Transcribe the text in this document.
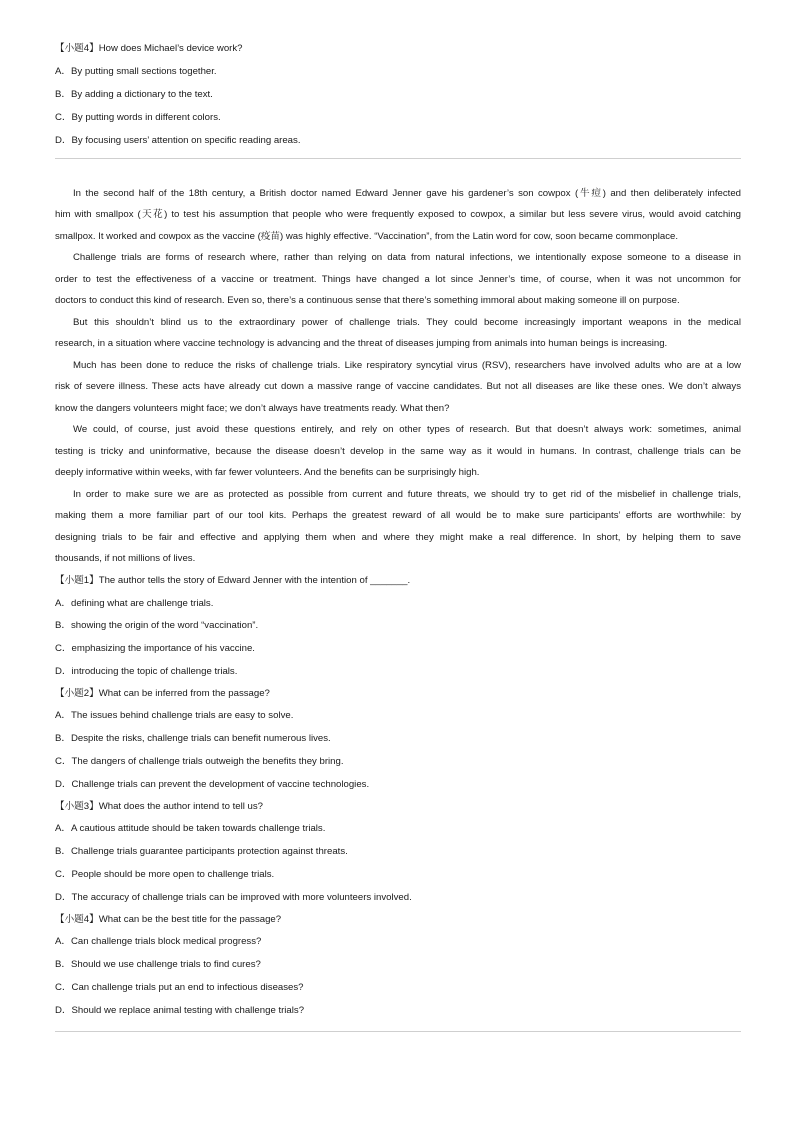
【小题4】How does Michael’s device work?
A．By putting small sections together.
B．By adding a dictionary to the text.
C．By putting words in different colors.
D．By focusing users’ attention on specific reading areas.
In the second half of the 18th century, a British doctor named Edward Jenner gave his gardener’s son cowpox (牛痘) and then deliberately infected
him with smallpox (天花) to test his assumption that people who were frequently exposed to cowpox, a similar but less severe virus, would avoid catching
smallpox. It worked and cowpox as the vaccine (疫苗) was highly effective. “Vaccination”, from the Latin word for cow, soon became commonplace.
Challenge trials are forms of research where, rather than relying on data from natural infections, we intentionally expose someone to a disease in
order to test the effectiveness of a vaccine or treatment. Things have changed a lot since Jenner’s time, of course, when it was not uncommon for
doctors to conduct this kind of research. Even so, there’s a continuous sense that there’s something immoral about making someone ill on purpose.
But this shouldn’t blind us to the extraordinary power of challenge trials. They could become increasingly important weapons in the medical
research, in a situation where vaccine technology is advancing and the threat of diseases jumping from animals into human beings is increasing.
Much has been done to reduce the risks of challenge trials. Like respiratory syncytial virus (RSV), researchers have involved adults who are at a low
risk of severe illness. These acts have already cut down a massive range of vaccine candidates. But not all diseases are like these ones. We don’t always
know the dangers volunteers might face; we don’t always have treatments ready. What then?
We could, of course, just avoid these questions entirely, and rely on other types of research. But that doesn’t always work: sometimes, animal
testing is tricky and uninformative, because the disease doesn’t develop in the same way as it would in humans. In contrast, challenge trials can be
deeply informative within weeks, with far fewer volunteers. And the benefits can be surprisingly high.
In order to make sure we are as protected as possible from current and future threats, we should try to get rid of the misbelief in challenge trials,
making them a more familiar part of our tool kits. Perhaps the greatest reward of all would be to make sure participants’ efforts are worthwhile: by
designing trials to be fair and effective and applying them when and where they might make a real difference. In short, by helping them to save
thousands, if not millions of lives.
【小题1】The author tells the story of Edward Jenner with the intention of _______.
A．defining what are challenge trials.
B．showing the origin of the word “vaccination”.
C．emphasizing the importance of his vaccine.
D．introducing the topic of challenge trials.
【小题2】What can be inferred from the passage?
A．The issues behind challenge trials are easy to solve.
B．Despite the risks, challenge trials can benefit numerous lives.
C．The dangers of challenge trials outweigh the benefits they bring.
D．Challenge trials can prevent the development of vaccine technologies.
【小题3】What does the author intend to tell us?
A．A cautious attitude should be taken towards challenge trials.
B．Challenge trials guarantee participants protection against threats.
C．People should be more open to challenge trials.
D．The accuracy of challenge trials can be improved with more volunteers involved.
【小题4】What can be the best title for the passage?
A．Can challenge trials block medical progress?
B．Should we use challenge trials to find cures?
C．Can challenge trials put an end to infectious diseases?
D．Should we replace animal testing with challenge trials?
